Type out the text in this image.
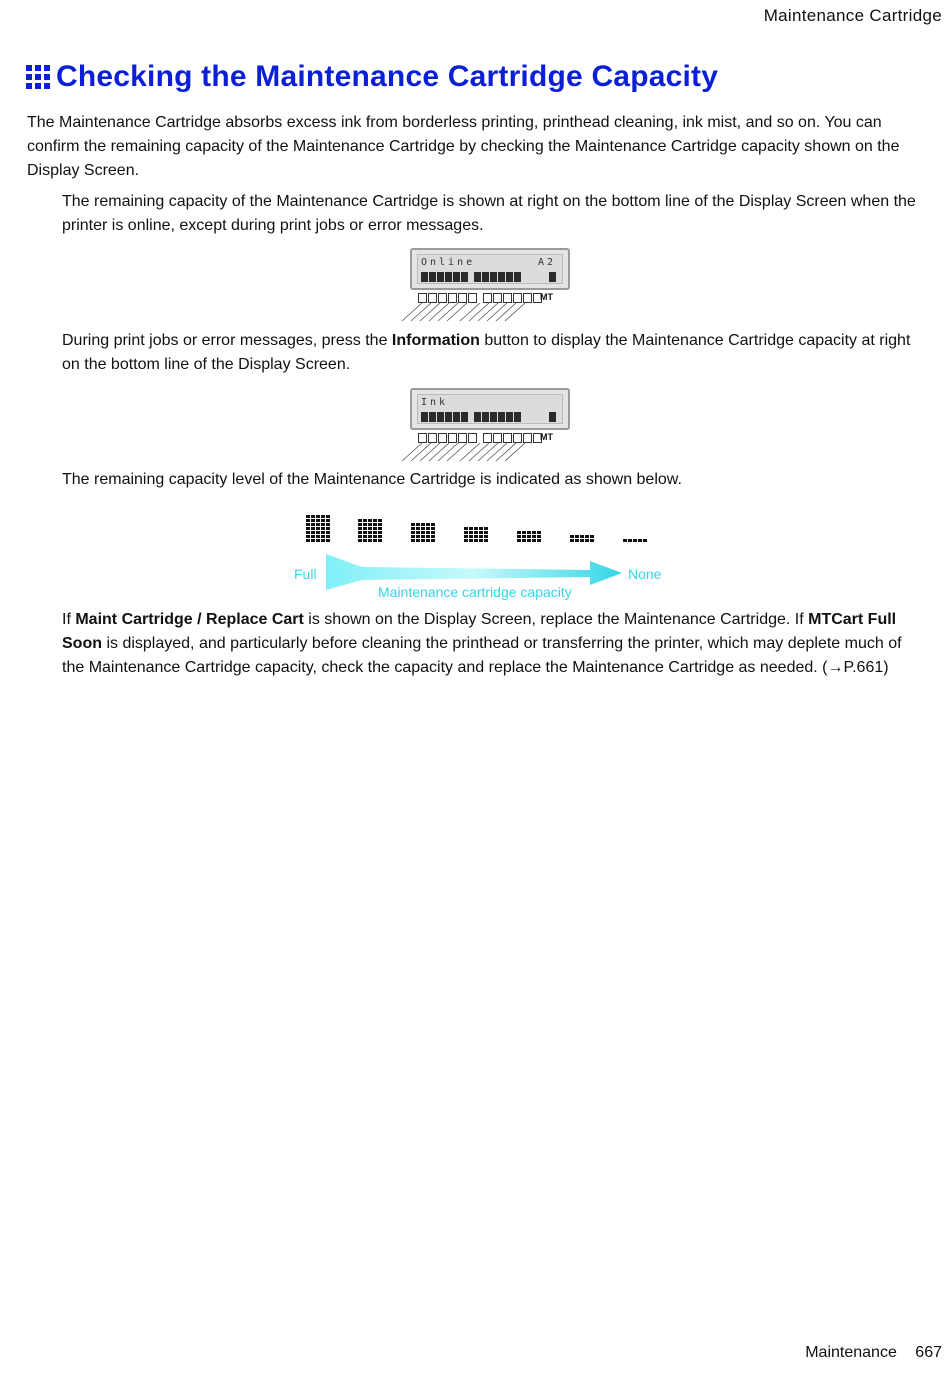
Maintenance Cartridge
Checking the Maintenance Cartridge Capacity

The Maintenance Cartridge absorbs excess ink from borderless printing, printhead cleaning, ink mist, and so on. You can confirm the remaining capacity of the Maintenance Cartridge by checking the Maintenance Cartridge capacity shown on the Display Screen.

The remaining capacity of the Maintenance Cartridge is shown at right on the bottom line of the Display Screen when the printer is online, except during print jobs or error messages.

Online	A2
MT

During print jobs or error messages, press the Information button to display the Maintenance Cartridge capacity at right on the bottom line of the Display Screen.

Ink
MT

The remaining capacity level of the Maintenance Cartridge is indicated as shown below.

Full	None
Maintenance cartridge capacity

If Maint Cartridge / Replace Cart is shown on the Display Screen, replace the Maintenance Cartridge. If MTCart Full Soon is displayed, and particularly before cleaning the printhead or transferring the printer, which may deplete much of the Maintenance Cartridge capacity, check the capacity and replace the Maintenance Cartridge as needed. (→P.661)

Maintenance 667
